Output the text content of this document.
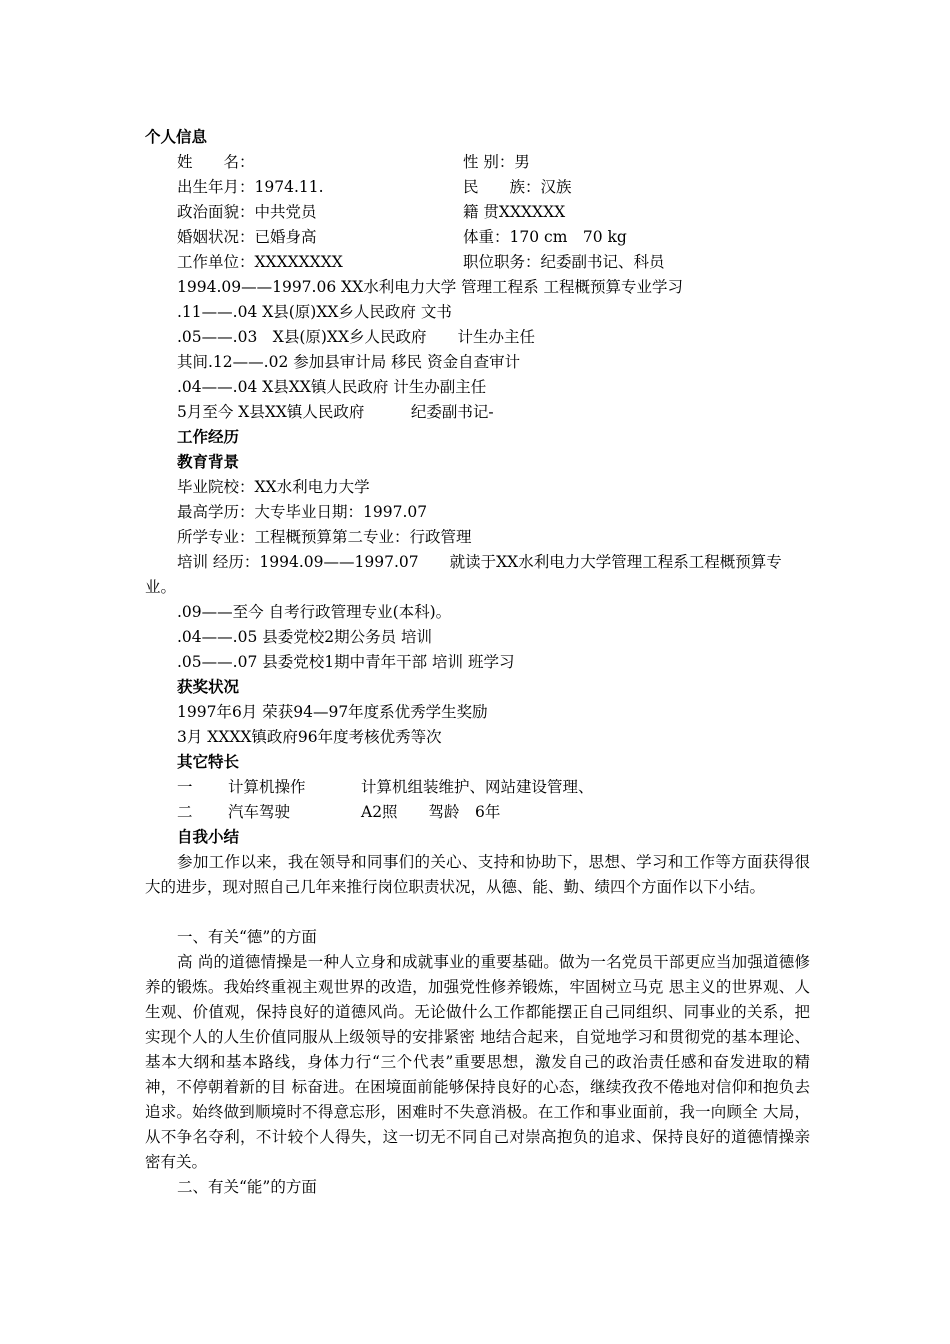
个人信息
姓　　名：	性 别：男
出生年月：1974.11.	民　　族：汉族
政治面貌：中共党员	籍 贯XXXXXX
婚姻状况：已婚身高	体重：170 cm　70 kg
工作单位：XXXXXXXX	职位职务：纪委副书记、科员
1994.09——1997.06 XX水利电力大学 管理工程系 工程概预算专业学习
.11——.04 X县(原)XX乡人民政府 文书
.05——.03　X县(原)XX乡人民政府　　计生办主任
其间.12——.02 参加县审计局 移民 资金自查审计
.04——.04 X县XX镇人民政府 计生办副主任
5月至今 X县XX镇人民政府　　　纪委副书记-
工作经历
教育背景
毕业院校：XX水利电力大学
最高学历：大专毕业日期：1997.07
所学专业：工程概预算第二专业：行政管理
培训 经历：1994.09——1997.07　　就读于XX水利电力大学管理工程系工程概预算专
业。
.09——至今 自考行政管理专业(本科)。
.04——.05 县委党校2期公务员 培训
.05——.07 县委党校1期中青年干部 培训 班学习
获奖状况
1997年6月 荣获94—97年度系优秀学生奖励
3月 XXXX镇政府96年度考核优秀等次
其它特长
一 计算机操作	计算机组装维护、网站建设管理、
二 汽车驾驶	A2照　　驾龄　6年
自我小结
参加工作以来，我在领导和同事们的关心、支持和协助下，思想、学习和工作等方面获得很大的进步，现对照自己几年来推行岗位职责状况，从德、能、勤、绩四个方面作以下小结。
一、有关“德”的方面
高 尚的道德情操是一种人立身和成就事业的重要基础。做为一名党员干部更应当加强道德修养的锻炼。我始终重视主观世界的改造，加强党性修养锻炼，牢固树立马克 思主义的世界观、人生观、价值观，保持良好的道德风尚。无论做什么工作都能摆正自己同组织、同事业的关系，把实现个人的人生价值同服从上级领导的安排紧密 地结合起来，自觉地学习和贯彻党的基本理论、基本大纲和基本路线，身体力行“三个代表”重要思想，激发自己的政治责任感和奋发进取的精神，不停朝着新的目 标奋进。在困境面前能够保持良好的心态，继续孜孜不倦地对信仰和抱负去追求。始终做到顺境时不得意忘形，困难时不失意消极。在工作和事业面前，我一向顾全 大局，从不争名夺利，不计较个人得失，这一切无不同自己对崇高抱负的追求、保持良好的道德情操亲密有关。
二、有关“能”的方面
